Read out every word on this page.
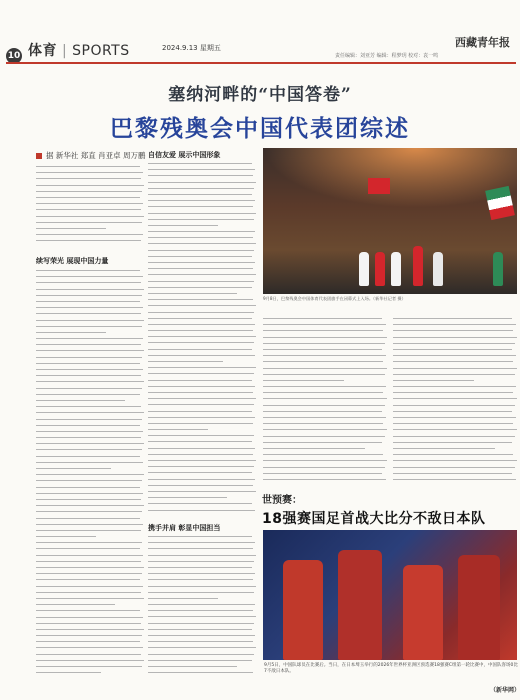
10 体育 | SPORTS	2024.9.13 星期五	西藏青年报
责任编辑：刘亚芳 编辑：程梦玥 校对：袁一鸣
塞纳河畔的“中国答卷”
巴黎残奥会中国代表团综述
据 新华社 郑直 肖亚卓 周万鹏
续写荣光 展现中国力量
自信友爱 展示中国形象
携手并肩 彰显中国担当
9月8日，巴黎残奥会中国体育代表团旗手在闭幕式上入场。（新华社记者 摄）
世预赛：
18强赛国足首战大比分不敌日本队
9月5日，中国队球员在比赛后。当日，在日本埼玉举行的2026年世界杯亚洲区预选赛18强赛C组第一轮比赛中，中国队客场0比7不敌日本队。
（新华网）
